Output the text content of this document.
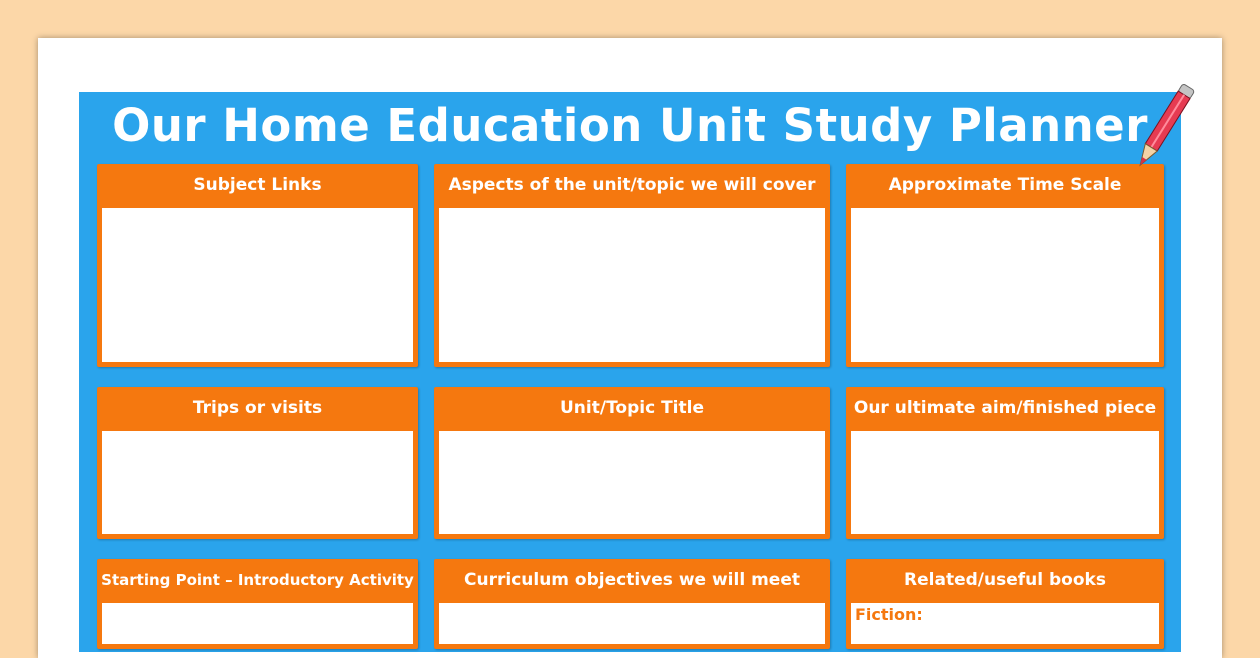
Our Home Education Unit Study Planner
Subject Links	Aspects of the unit/topic we will cover	Approximate Time Scale
Trips or visits	Unit/Topic Title	Our ultimate aim/finished piece
Starting Point – Introductory Activity	Curriculum objectives we will meet	Related/useful books
Fiction:
